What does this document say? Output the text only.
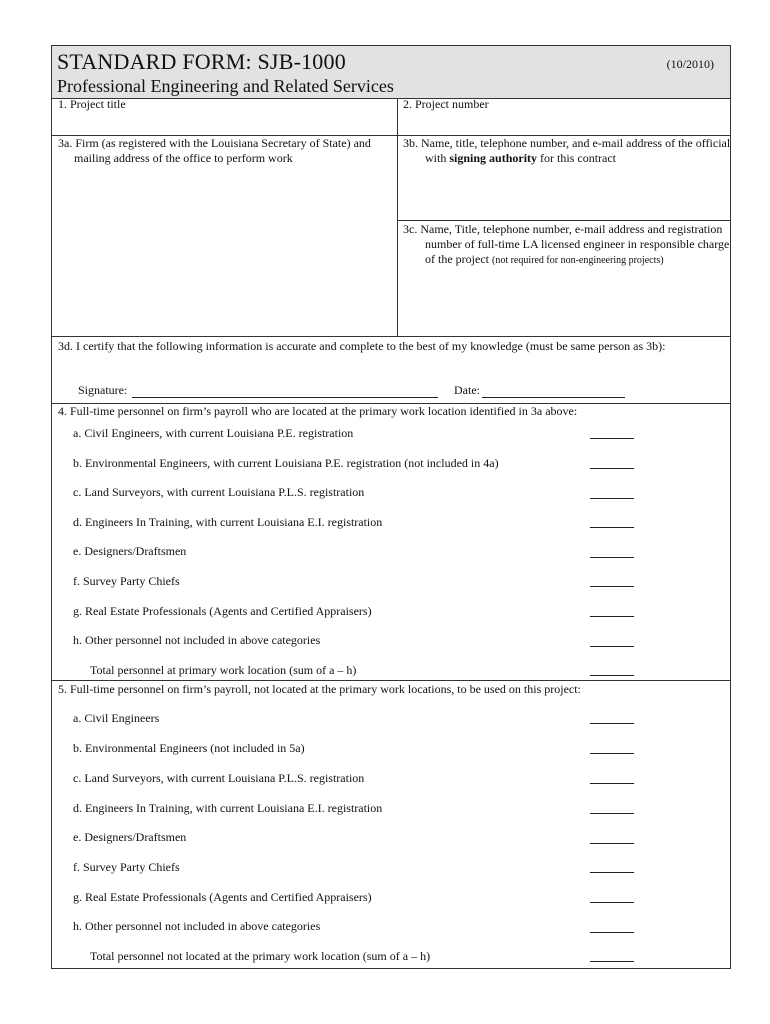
STANDARD FORM: SJB-1000	(10/2010)
Professional Engineering and Related Services
1. Project title	2. Project number
3a. Firm (as registered with the Louisiana Secretary of State) and mailing address of the office to perform work
3b. Name, title, telephone number, and e-mail address of the official with signing authority for this contract
3c. Name, Title, telephone number, e-mail address and registration number of full-time LA licensed engineer in responsible charge of the project (not required for non-engineering projects)
3d. I certify that the following information is accurate and complete to the best of my knowledge (must be same person as 3b):
Signature:	Date:
4. Full-time personnel on firm’s payroll who are located at the primary work location identified in 3a above:
a. Civil Engineers, with current Louisiana P.E. registration
b. Environmental Engineers, with current Louisiana P.E. registration (not included in 4a)
c. Land Surveyors, with current Louisiana P.L.S. registration
d. Engineers In Training, with current Louisiana E.I. registration
e. Designers/Draftsmen
f. Survey Party Chiefs
g. Real Estate Professionals (Agents and Certified Appraisers)
h. Other personnel not included in above categories
Total personnel at primary work location (sum of a – h)
5. Full-time personnel on firm’s payroll, not located at the primary work locations, to be used on this project:
a. Civil Engineers
b. Environmental Engineers (not included in 5a)
c. Land Surveyors, with current Louisiana P.L.S. registration
d. Engineers In Training, with current Louisiana E.I. registration
e. Designers/Draftsmen
f. Survey Party Chiefs
g. Real Estate Professionals (Agents and Certified Appraisers)
h. Other personnel not included in above categories
Total personnel not located at the primary work location (sum of a – h)
